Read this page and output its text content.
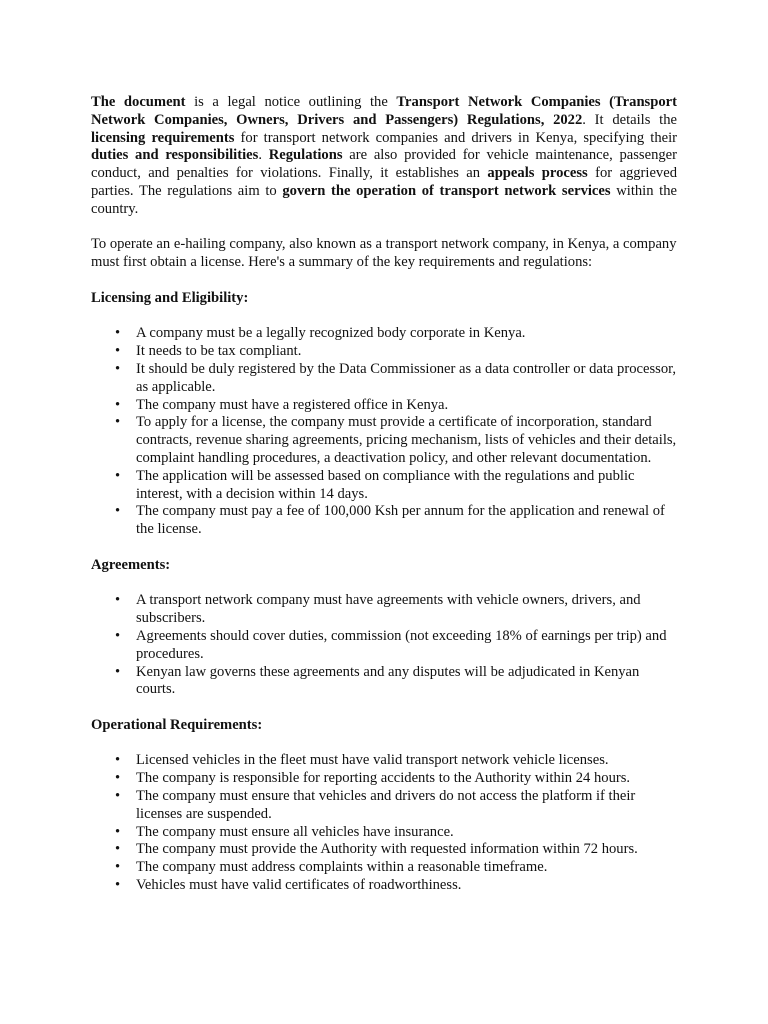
The document is a legal notice outlining the Transport Network Companies (Transport Network Companies, Owners, Drivers and Passengers) Regulations, 2022. It details the licensing requirements for transport network companies and drivers in Kenya, specifying their duties and responsibilities. Regulations are also provided for vehicle maintenance, passenger conduct, and penalties for violations. Finally, it establishes an appeals process for aggrieved parties. The regulations aim to govern the operation of transport network services within the country.

To operate an e-hailing company, also known as a transport network company, in Kenya, a company must first obtain a license. Here's a summary of the key requirements and regulations:

Licensing and Eligibility:

• A company must be a legally recognized body corporate in Kenya.
• It needs to be tax compliant.
• It should be duly registered by the Data Commissioner as a data controller or data processor, as applicable.
• The company must have a registered office in Kenya.
• To apply for a license, the company must provide a certificate of incorporation, standard contracts, revenue sharing agreements, pricing mechanism, lists of vehicles and their details, complaint handling procedures, a deactivation policy, and other relevant documentation.
• The application will be assessed based on compliance with the regulations and public interest, with a decision within 14 days.
• The company must pay a fee of 100,000 Ksh per annum for the application and renewal of the license.

Agreements:

• A transport network company must have agreements with vehicle owners, drivers, and subscribers.
• Agreements should cover duties, commission (not exceeding 18% of earnings per trip) and procedures.
• Kenyan law governs these agreements and any disputes will be adjudicated in Kenyan courts.

Operational Requirements:

• Licensed vehicles in the fleet must have valid transport network vehicle licenses.
• The company is responsible for reporting accidents to the Authority within 24 hours.
• The company must ensure that vehicles and drivers do not access the platform if their licenses are suspended.
• The company must ensure all vehicles have insurance.
• The company must provide the Authority with requested information within 72 hours.
• The company must address complaints within a reasonable timeframe.
• Vehicles must have valid certificates of roadworthiness.
